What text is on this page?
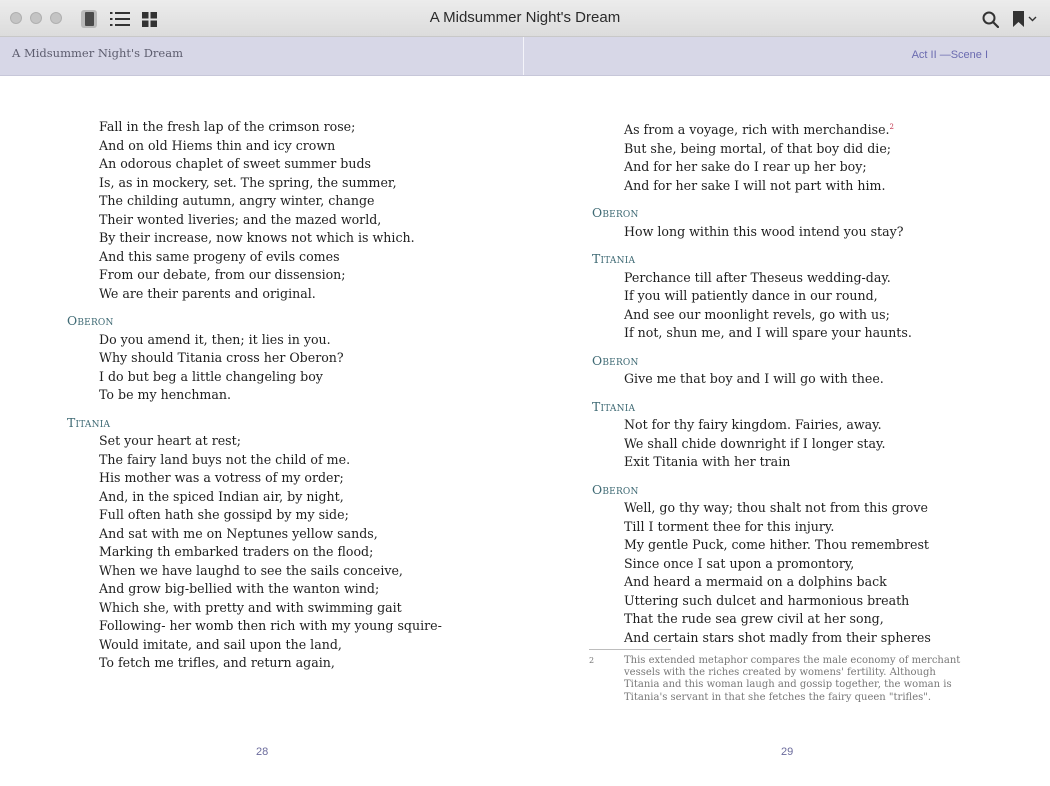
A Midsummer Night's Dream
A Midsummer Night's Dream	Act II —Scene I
Fall in the fresh lap of the crimson rose;
And on old Hiems thin and icy crown
An odorous chaplet of sweet summer buds
Is, as in mockery, set. The spring, the summer,
The childing autumn, angry winter, change
Their wonted liveries; and the mazed world,
By their increase, now knows not which is which.
And this same progeny of evils comes
From our debate, from our dissension;
We are their parents and original.
Oberon
Do you amend it, then; it lies in you.
Why should Titania cross her Oberon?
I do but beg a little changeling boy
To be my henchman.
Titania
Set your heart at rest;
The fairy land buys not the child of me.
His mother was a votress of my order;
And, in the spiced Indian air, by night,
Full often hath she gossipd by my side;
And sat with me on Neptunes yellow sands,
Marking th embarked traders on the flood;
When we have laughd to see the sails conceive,
And grow big-bellied with the wanton wind;
Which she, with pretty and with swimming gait
Following- her womb then rich with my young squire-
Would imitate, and sail upon the land,
To fetch me trifles, and return again,
As from a voyage, rich with merchandise.$^2$
But she, being mortal, of that boy did die;
And for her sake do I rear up her boy;
And for her sake I will not part with him.
Oberon
How long within this wood intend you stay?
Titania
Perchance till after Theseus wedding-day.
If you will patiently dance in our round,
And see our moonlight revels, go with us;
If not, shun me, and I will spare your haunts.
Oberon
Give me that boy and I will go with thee.
Titania
Not for thy fairy kingdom. Fairies, away.
We shall chide downright if I longer stay.
Exit Titania with her train
Oberon
Well, go thy way; thou shalt not from this grove
Till I torment thee for this injury.
My gentle Puck, come hither. Thou remembrest
Since once I sat upon a promontory,
And heard a mermaid on a dolphins back
Uttering such dulcet and harmonious breath
That the rude sea grew civil at her song,
And certain stars shot madly from their spheres
2	This extended metaphor compares the male economy of merchant vessels with the riches created by womens' fertility. Although Titania and this woman laugh and gossip together, the woman is Titania's servant in that she fetches the fairy queen "trifles".
28	29
